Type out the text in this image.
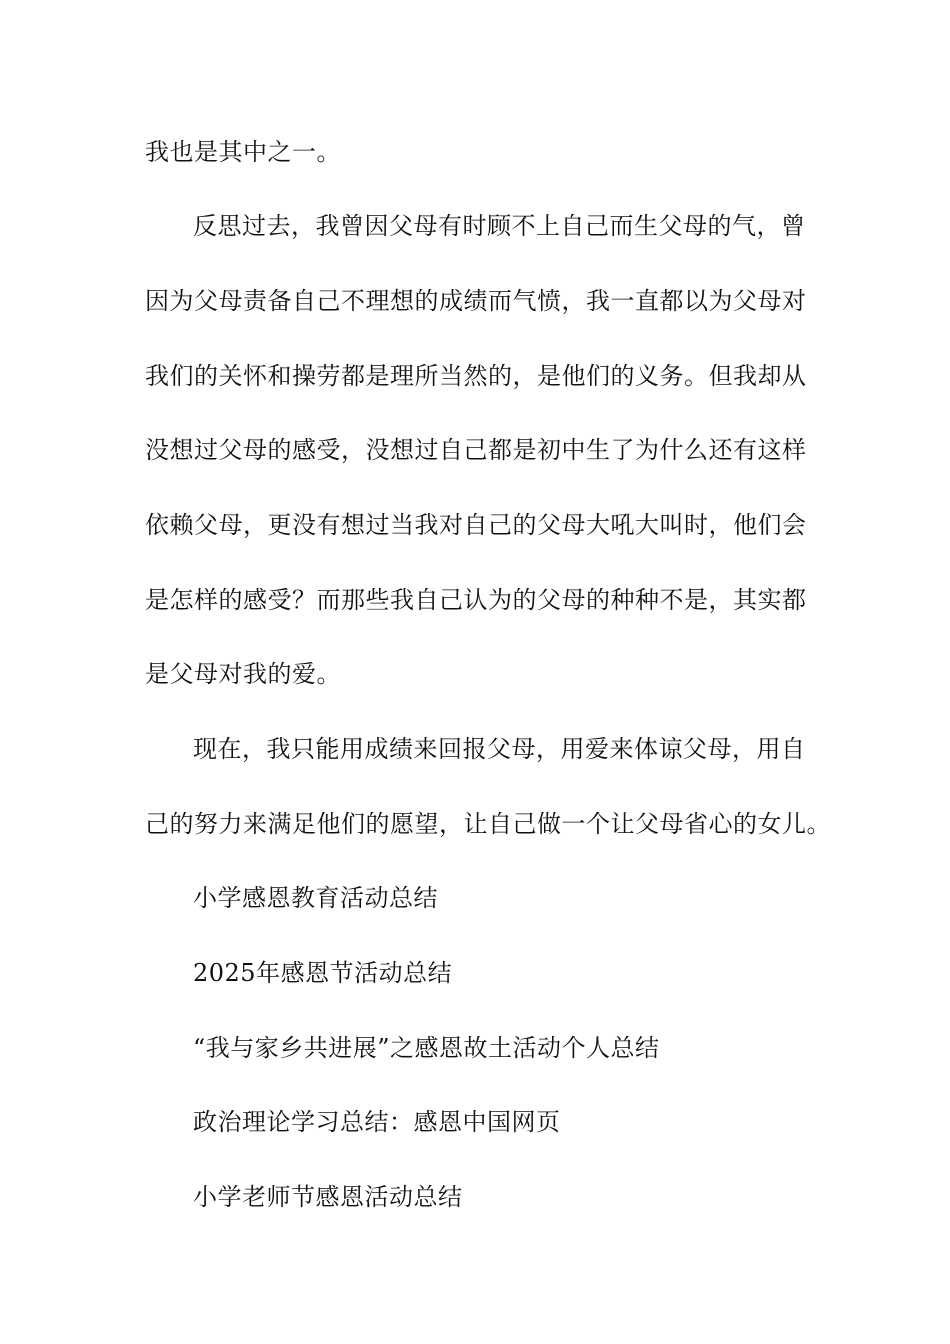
我也是其中之一。
反思过去，我曾因父母有时顾不上自己而生父母的气，曾
因为父母责备自己不理想的成绩而气愤，我一直都以为父母对
我们的关怀和操劳都是理所当然的，是他们的义务。但我却从
没想过父母的感受，没想过自己都是初中生了为什么还有这样
依赖父母，更没有想过当我对自己的父母大吼大叫时，他们会
是怎样的感受？而那些我自己认为的父母的种种不是，其实都
是父母对我的爱。
现在，我只能用成绩来回报父母，用爱来体谅父母，用自
己的努力来满足他们的愿望，让自己做一个让父母省心的女儿。
小学感恩教育活动总结
2025年感恩节活动总结
“我与家乡共进展”之感恩故土活动个人总结
政治理论学习总结：感恩中国网页
小学老师节感恩活动总结
